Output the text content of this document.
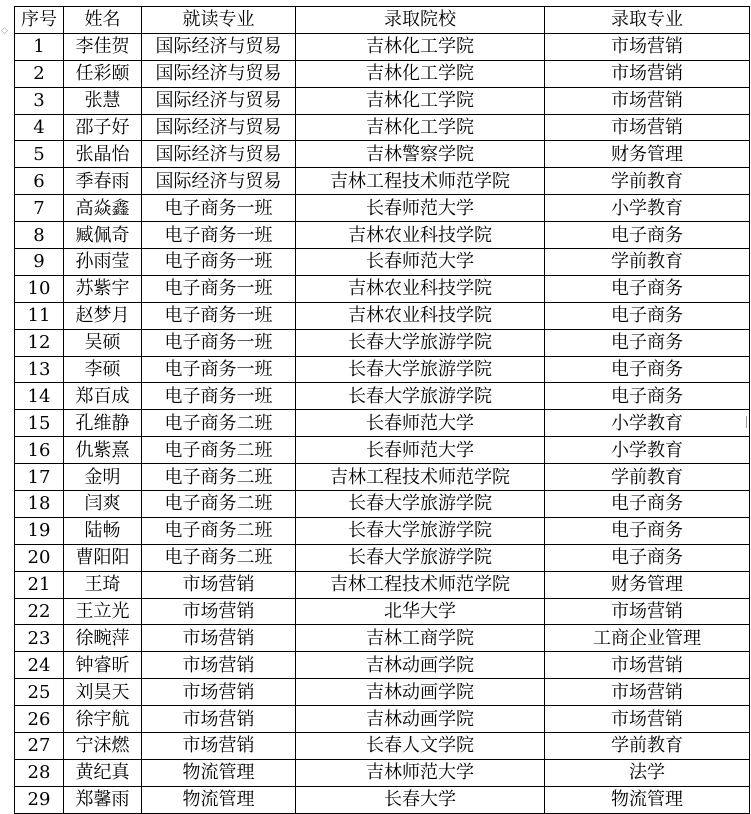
◇
序号	姓名	就读专业	录取院校	录取专业
1	李佳贺	国际经济与贸易	吉林化工学院	市场营销
2	任彩颐	国际经济与贸易	吉林化工学院	市场营销
3	张慧	国际经济与贸易	吉林化工学院	市场营销
4	邵子好	国际经济与贸易	吉林化工学院	市场营销
5	张晶怡	国际经济与贸易	吉林警察学院	财务管理
6	季春雨	国际经济与贸易	吉林工程技术师范学院	学前教育
7	高焱鑫	电子商务一班	长春师范大学	小学教育
8	臧佩奇	电子商务一班	吉林农业科技学院	电子商务
9	孙雨莹	电子商务一班	长春师范大学	学前教育
10	苏紫宇	电子商务一班	吉林农业科技学院	电子商务
11	赵梦月	电子商务一班	吉林农业科技学院	电子商务
12	吴硕	电子商务一班	长春大学旅游学院	电子商务
13	李硕	电子商务一班	长春大学旅游学院	电子商务
14	郑百成	电子商务一班	长春大学旅游学院	电子商务
15	孔维静	电子商务二班	长春师范大学	小学教育
16	仇紫熹	电子商务二班	长春师范大学	小学教育
17	金明	电子商务二班	吉林工程技术师范学院	学前教育
18	闫爽	电子商务二班	长春大学旅游学院	电子商务
19	陆畅	电子商务二班	长春大学旅游学院	电子商务
20	曹阳阳	电子商务二班	长春大学旅游学院	电子商务
21	王琦	市场营销	吉林工程技术师范学院	财务管理
22	王立光	市场营销	北华大学	市场营销
23	徐畹萍	市场营销	吉林工商学院	工商企业管理
24	钟睿昕	市场营销	吉林动画学院	市场营销
25	刘昊天	市场营销	吉林动画学院	市场营销
26	徐宇航	市场营销	吉林动画学院	市场营销
27	宁沫燃	市场营销	长春人文学院	学前教育
28	黄纪真	物流管理	吉林师范大学	法学
29	郑馨雨	物流管理	长春大学	物流管理
